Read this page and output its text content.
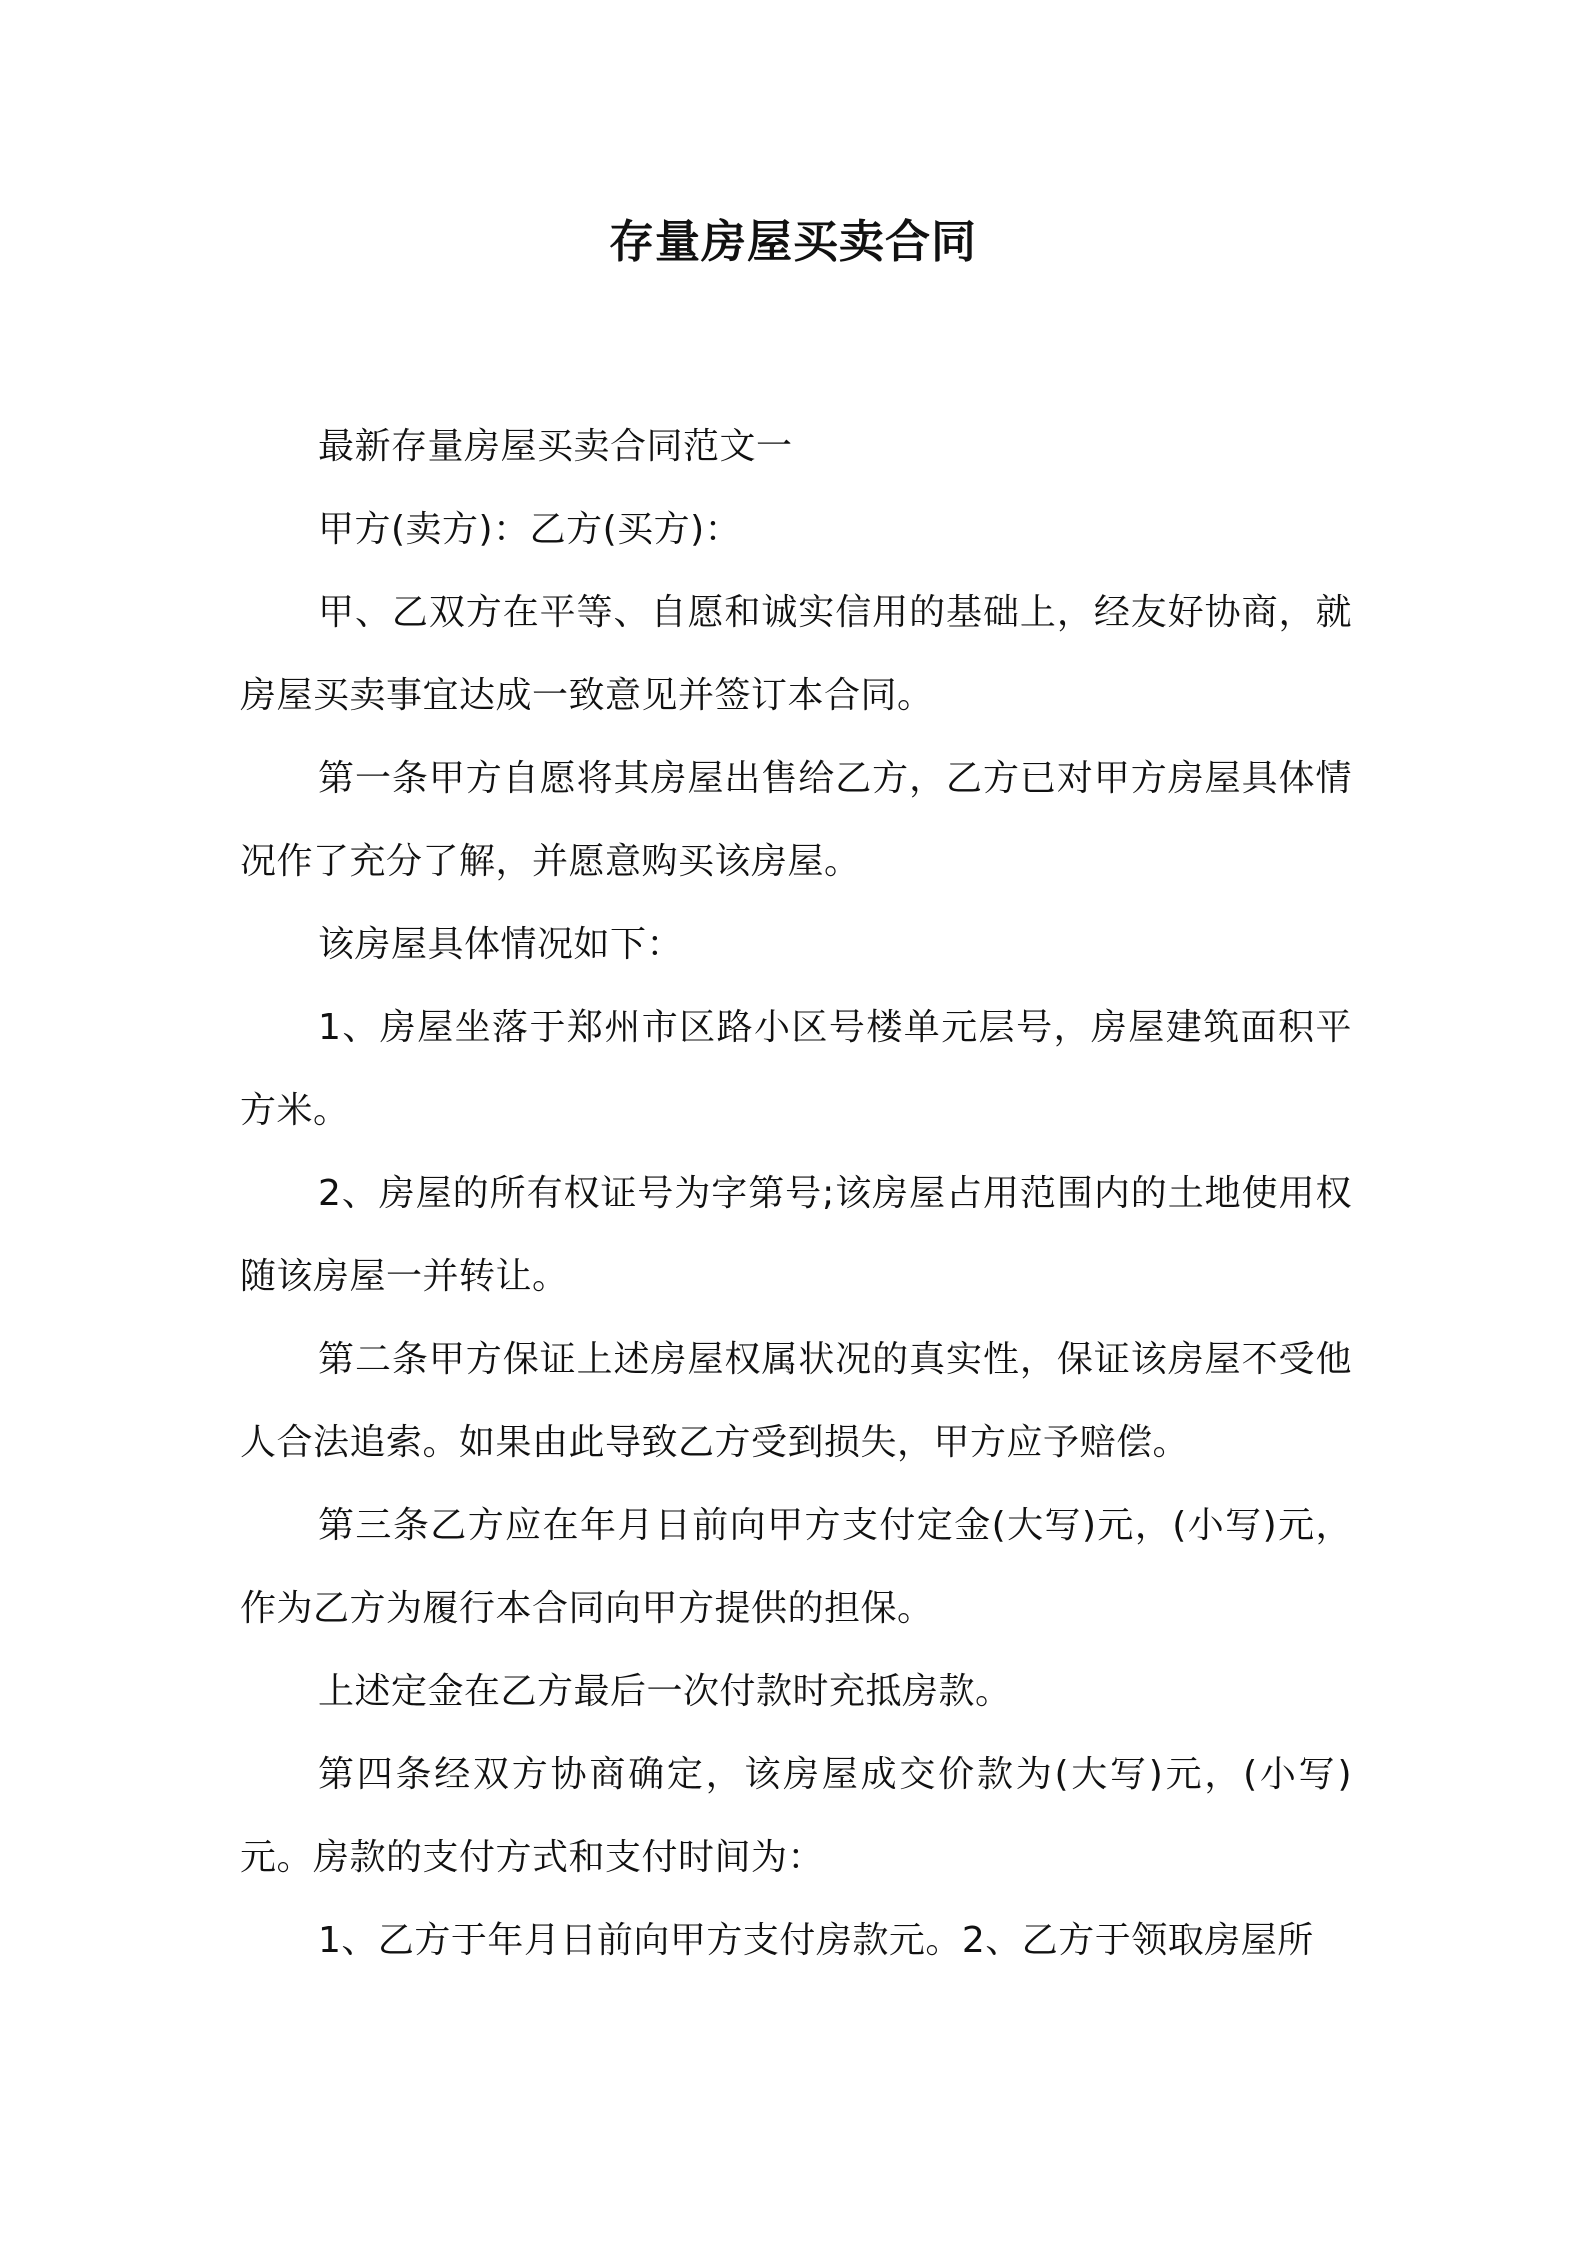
存量房屋买卖合同

最新存量房屋买卖合同范文一

甲方(卖方)：乙方(买方)：

甲、乙双方在平等、自愿和诚实信用的基础上，经友好协商，就房屋买卖事宜达成一致意见并签订本合同。

第一条甲方自愿将其房屋出售给乙方，乙方已对甲方房屋具体情况作了充分了解，并愿意购买该房屋。

该房屋具体情况如下：

1、房屋坐落于郑州市区路小区号楼单元层号，房屋建筑面积平方米。

2、房屋的所有权证号为字第号;该房屋占用范围内的土地使用权随该房屋一并转让。

第二条甲方保证上述房屋权属状况的真实性，保证该房屋不受他人合法追索。如果由此导致乙方受到损失，甲方应予赔偿。

第三条乙方应在年月日前向甲方支付定金(大写)元，(小写)元，作为乙方为履行本合同向甲方提供的担保。

上述定金在乙方最后一次付款时充抵房款。

第四条经双方协商确定，该房屋成交价款为(大写)元，(小写)元。房款的支付方式和支付时间为：

1、乙方于年月日前向甲方支付房款元。2、乙方于领取房屋所
